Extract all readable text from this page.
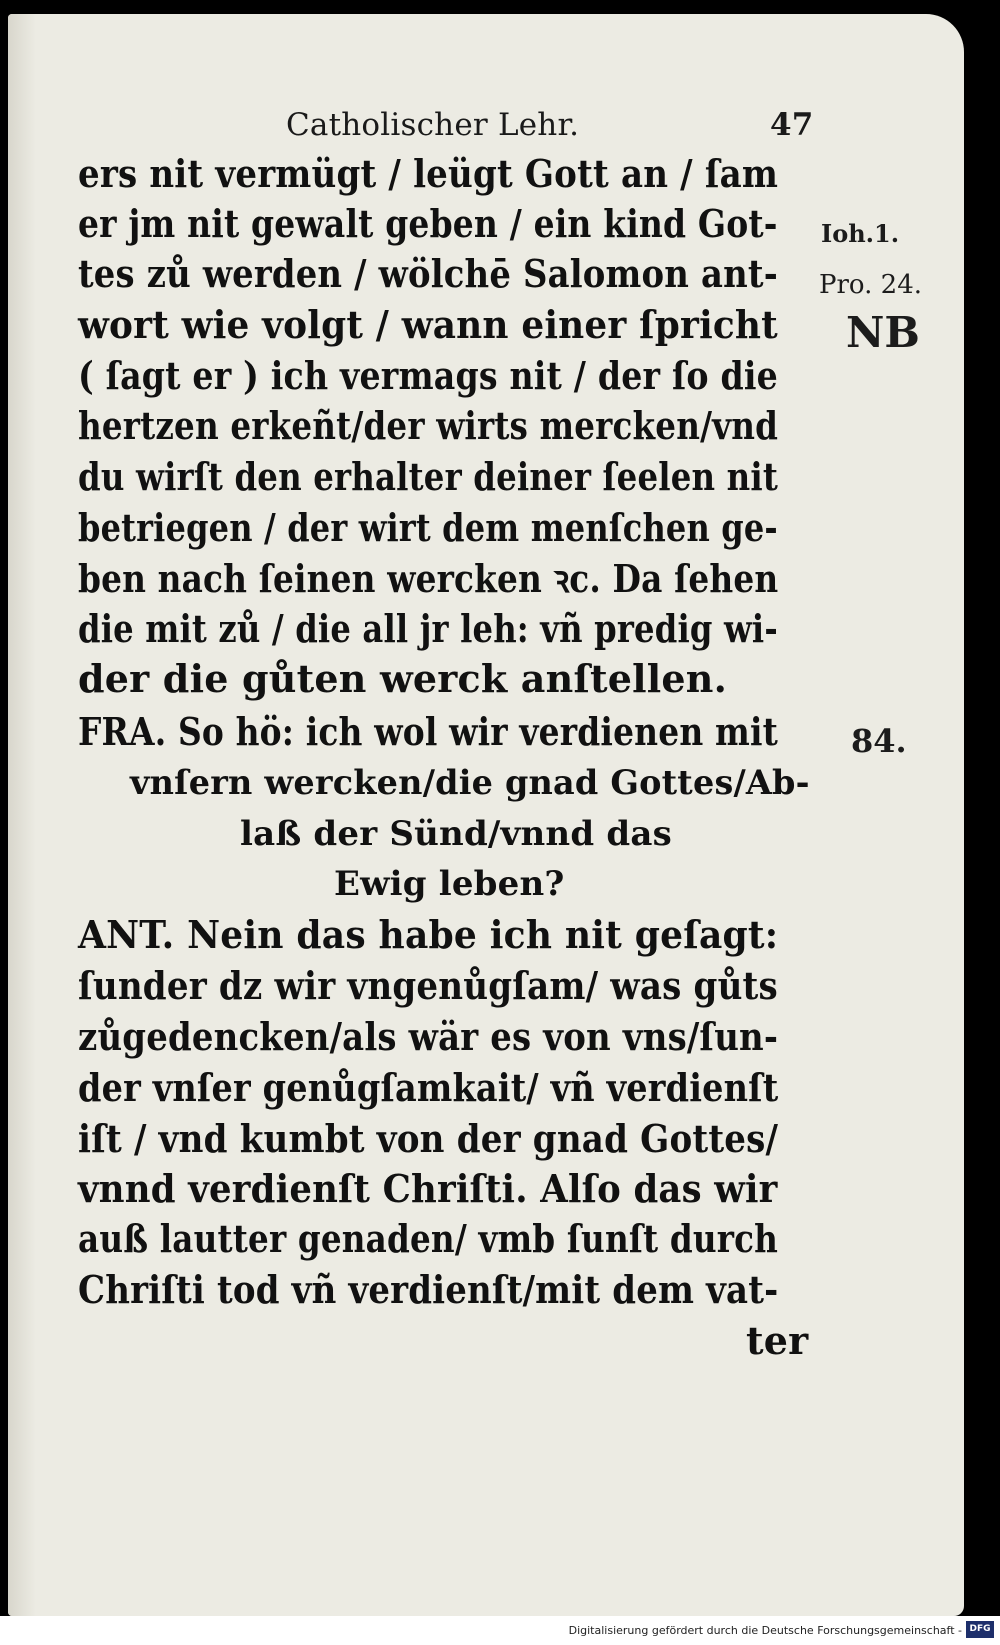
Catholischer Lehr.	47
ers nit vermügt / leügt Gott an / ſam
er jm nit gewalt geben / ein kind Got-
tes zů werden / wölchē Salomon ant-
wort wie volgt / wann einer ſpricht
( ſagt er ) ich vermags nit / der ſo die
hertzen erkeñt/der wirts mercken/vnd
du wirſt den erhalter deiner ſeelen nit
betriegen / der wirt dem menſchen ge-
ben nach ſeinen wercken ꝛc. Da ſehen
die mit zů / die all jr leh: vñ predig wi-
der die gůten werck anſtellen.
FRA. So hö: ich wol wir verdienen mit
vnſern wercken/die gnad Gottes/Ab-
laß der Sünd/vnnd das
Ewig leben?
ANT. Nein das habe ich nit geſagt:
ſunder dz wir vngenůgſam/ was gůts
zůgedencken/als wär es von vns/ſun-
der vnſer genůgſamkait/ vñ verdienſt
iſt / vnd kumbt von der gnad Gottes/
vnnd verdienſt Chriſti. Alſo das wir
auß lautter genaden/ vmb ſunſt durch
Chriſti tod vñ verdienſt/mit dem vat-
ter
Ioh.1.
Pro. 24.
NB
84.
Digitalisierung gefördert durch die Deutsche Forschungsgemeinschaft - DFG
